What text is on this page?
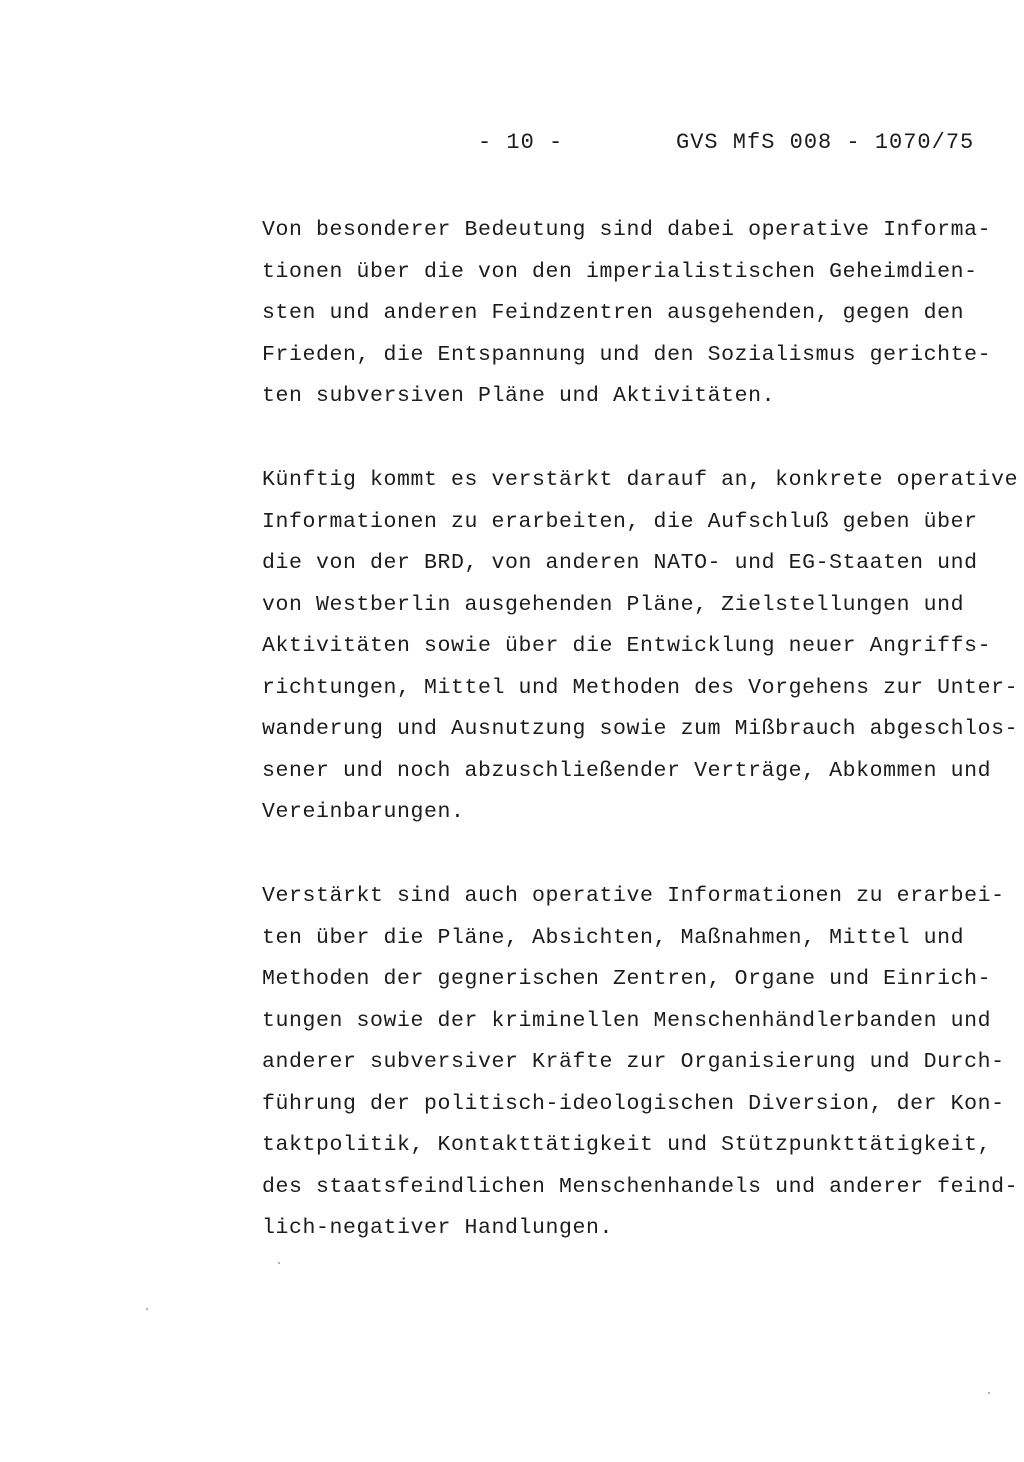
- 10 -	GVS MfS 008 - 1070/75
Von besonderer Bedeutung sind dabei operative Informa-
tionen über die von den imperialistischen Geheimdien-
sten und anderen Feindzentren ausgehenden, gegen den
Frieden, die Entspannung und den Sozialismus gerichte-
ten subversiven Pläne und Aktivitäten.
Künftig kommt es verstärkt darauf an, konkrete operative
Informationen zu erarbeiten, die Aufschluß geben über
die von der BRD, von anderen NATO- und EG-Staaten und
von Westberlin ausgehenden Pläne, Zielstellungen und
Aktivitäten sowie über die Entwicklung neuer Angriffs-
richtungen, Mittel und Methoden des Vorgehens zur Unter-
wanderung und Ausnutzung sowie zum Mißbrauch abgeschlos-
sener und noch abzuschließender Verträge, Abkommen und
Vereinbarungen.
Verstärkt sind auch operative Informationen zu erarbei-
ten über die Pläne, Absichten, Maßnahmen, Mittel und
Methoden der gegnerischen Zentren, Organe und Einrich-
tungen sowie der kriminellen Menschenhändlerbanden und
anderer subversiver Kräfte zur Organisierung und Durch-
führung der politisch-ideologischen Diversion, der Kon-
taktpolitik, Kontakttätigkeit und Stützpunkttätigkeit,
des staatsfeindlichen Menschenhandels und anderer feind-
lich-negativer Handlungen.
